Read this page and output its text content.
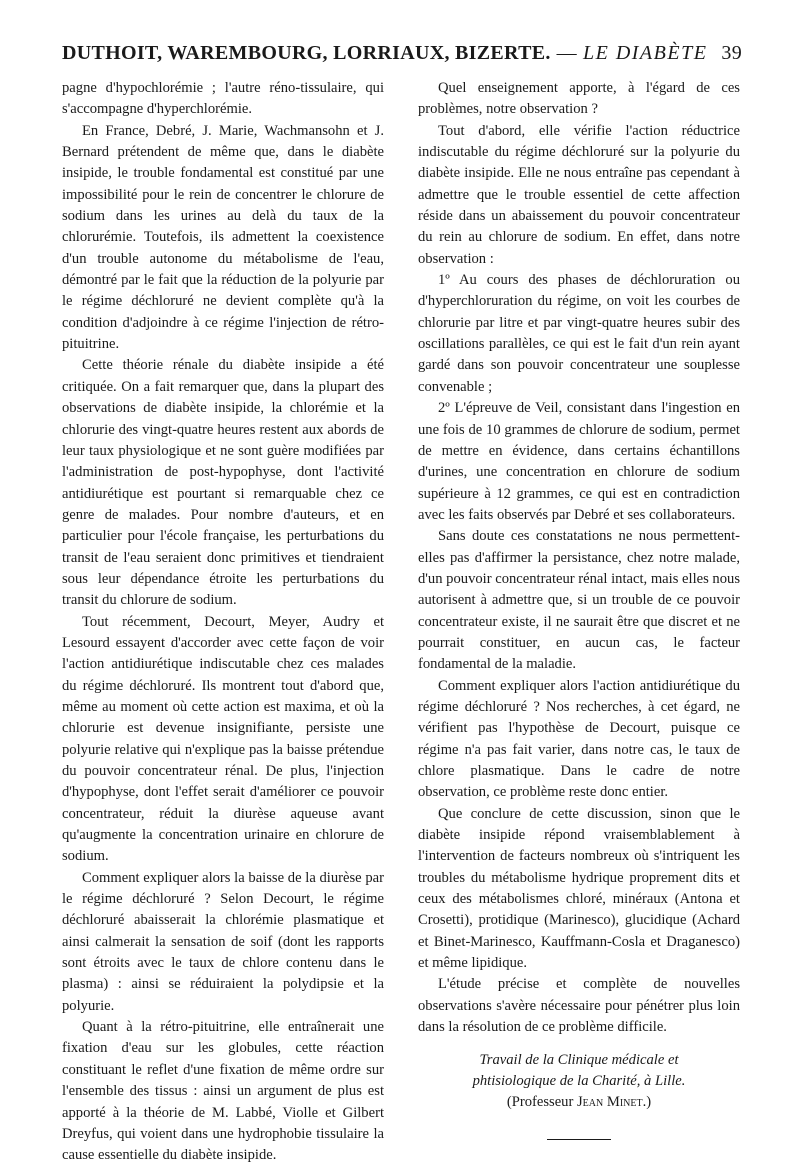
DUTHOIT, WAREMBOURG, LORRIAUX, BIZERTE. — LE DIABÈTE 39

pagne d'hypochlorémie ; l'autre réno-tissulaire, qui s'accompagne d'hyperchlorémie.

En France, Debré, J. Marie, Wachmansohn et J. Bernard prétendent de même que, dans le diabète insipide, le trouble fondamental est constitué par une impossibilité pour le rein de concentrer le chlorure de sodium dans les urines au delà du taux de la chlorurémie. Toutefois, ils admettent la coexistence d'un trouble autonome du métabolisme de l'eau, démontré par le fait que la réduction de la polyurie par le régime déchloruré ne devient complète qu'à la condition d'adjoindre à ce régime l'injection de rétro-pituitrine.

Cette théorie rénale du diabète insipide a été critiquée. On a fait remarquer que, dans la plupart des observations de diabète insipide, la chlorémie et la chlorurie des vingt-quatre heures restent aux abords de leur taux physiologique et ne sont guère modifiées par l'administration de post-hypophyse, dont l'activité antidiurétique est pourtant si remarquable chez ce genre de malades. Pour nombre d'auteurs, et en particulier pour l'école française, les perturbations du transit de l'eau seraient donc primitives et tiendraient sous leur dépendance étroite les perturbations du transit du chlorure de sodium.

Tout récemment, Decourt, Meyer, Audry et Lesourd essayent d'accorder avec cette façon de voir l'action antidiurétique indiscutable chez ces malades du régime déchloruré. Ils montrent tout d'abord que, même au moment où cette action est maxima, et où la chlorurie est devenue insignifiante, persiste une polyurie relative qui n'explique pas la baisse prétendue du pouvoir concentrateur rénal. De plus, l'injection d'hypophyse, dont l'effet serait d'améliorer ce pouvoir concentrateur, réduit la diurèse aqueuse avant qu'augmente la concentration urinaire en chlorure de sodium.

Comment expliquer alors la baisse de la diurèse par le régime déchloruré ? Selon Decourt, le régime déchloruré abaisserait la chlorémie plasmatique et ainsi calmerait la sensation de soif (dont les rapports sont étroits avec le taux de chlore contenu dans le plasma) : ainsi se réduiraient la polydipsie et la polyurie.

Quant à la rétro-pituitrine, elle entraînerait une fixation d'eau sur les globules, cette réaction constituant le reflet d'une fixation de même ordre sur l'ensemble des tissus : ainsi un argument de plus est apporté à la théorie de M. Labbé, Violle et Gilbert Dreyfus, qui voient dans une hydrophobie tissulaire la cause essentielle du diabète insipide.

Quel enseignement apporte, à l'égard de ces problèmes, notre observation ?

Tout d'abord, elle vérifie l'action réductrice indiscutable du régime déchloruré sur la polyurie du diabète insipide. Elle ne nous entraîne pas cependant à admettre que le trouble essentiel de cette affection réside dans un abaissement du pouvoir concentrateur du rein au chlorure de sodium. En effet, dans notre observation :

1º Au cours des phases de déchloruration ou d'hyperchloruration du régime, on voit les courbes de chlorurie par litre et par vingt-quatre heures subir des oscillations parallèles, ce qui est le fait d'un rein ayant gardé dans son pouvoir concentrateur une souplesse convenable ;

2º L'épreuve de Veil, consistant dans l'ingestion en une fois de 10 grammes de chlorure de sodium, permet de mettre en évidence, dans certains échantillons d'urines, une concentration en chlorure de sodium supérieure à 12 grammes, ce qui est en contradiction avec les faits observés par Debré et ses collaborateurs.

Sans doute ces constatations ne nous permettent-elles pas d'affirmer la persistance, chez notre malade, d'un pouvoir concentrateur rénal intact, mais elles nous autorisent à admettre que, si un trouble de ce pouvoir concentrateur existe, il ne saurait être que discret et ne pourrait constituer, en aucun cas, le facteur fondamental de la maladie.

Comment expliquer alors l'action antidiurétique du régime déchloruré ? Nos recherches, à cet égard, ne vérifient pas l'hypothèse de Decourt, puisque ce régime n'a pas fait varier, dans notre cas, le taux de chlore plasmatique. Dans le cadre de notre observation, ce problème reste donc entier.

Que conclure de cette discussion, sinon que le diabète insipide répond vraisemblablement à l'intervention de facteurs nombreux où s'intriquent les troubles du métabolisme hydrique proprement dits et ceux des métabolismes chloré, minéraux (Antona et Crosetti), protidique (Marinesco), glucidique (Achard et Binet-Marinesco, Kauffmann-Cosla et Draganesco) et même lipidique.

L'étude précise et complète de nouvelles observations s'avère nécessaire pour pénétrer plus loin dans la résolution de ce problème difficile.

Travail de la Clinique médicale et
phtisiologique de la Charité, à Lille.
(Professeur Jean Minet.)
